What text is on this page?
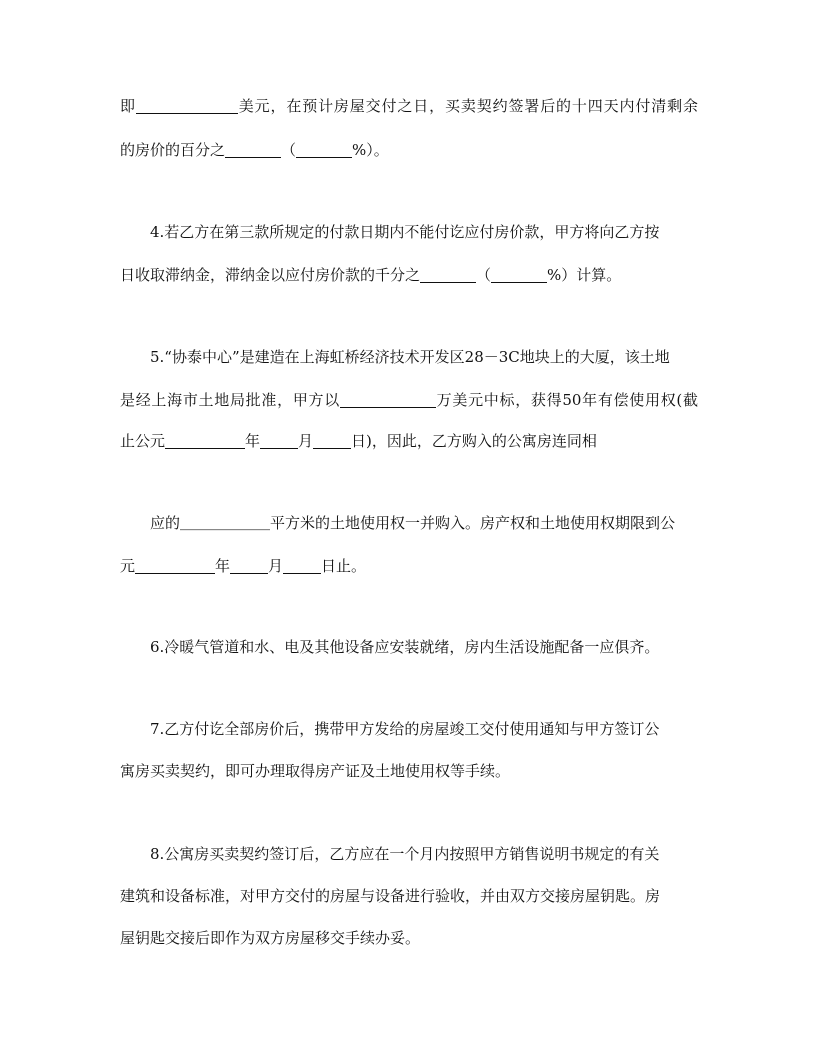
即	美元，在预计房屋交付之日，买卖契约签署后的十四天内付清剩余
的房价的百分之	（	%）。
4.若乙方在第三款所规定的付款日期内不能付讫应付房价款，甲方将向乙方按
日收取滞纳金，滞纳金以应付房价款的千分之	（	%）计算。
5.“协泰中心”是建造在上海虹桥经济技术开发区28－3C地块上的大厦，该土地
是经上海市土地局批准，甲方以	万美元中标，获得50年有偿使用权(截
止公元	年	月	日)，因此，乙方购入的公寓房连同相
应的＿＿＿＿＿＿平方米的土地使用权一并购入。房产权和土地使用权期限到公
元	年	月	日止。
6.冷暖气管道和水、电及其他设备应安装就绪，房内生活设施配备一应俱齐。
7.乙方付讫全部房价后，携带甲方发给的房屋竣工交付使用通知与甲方签订公
寓房买卖契约，即可办理取得房产证及土地使用权等手续。
8.公寓房买卖契约签订后，乙方应在一个月内按照甲方销售说明书规定的有关
建筑和设备标准，对甲方交付的房屋与设备进行验收，并由双方交接房屋钥匙。房
屋钥匙交接后即作为双方房屋移交手续办妥。
